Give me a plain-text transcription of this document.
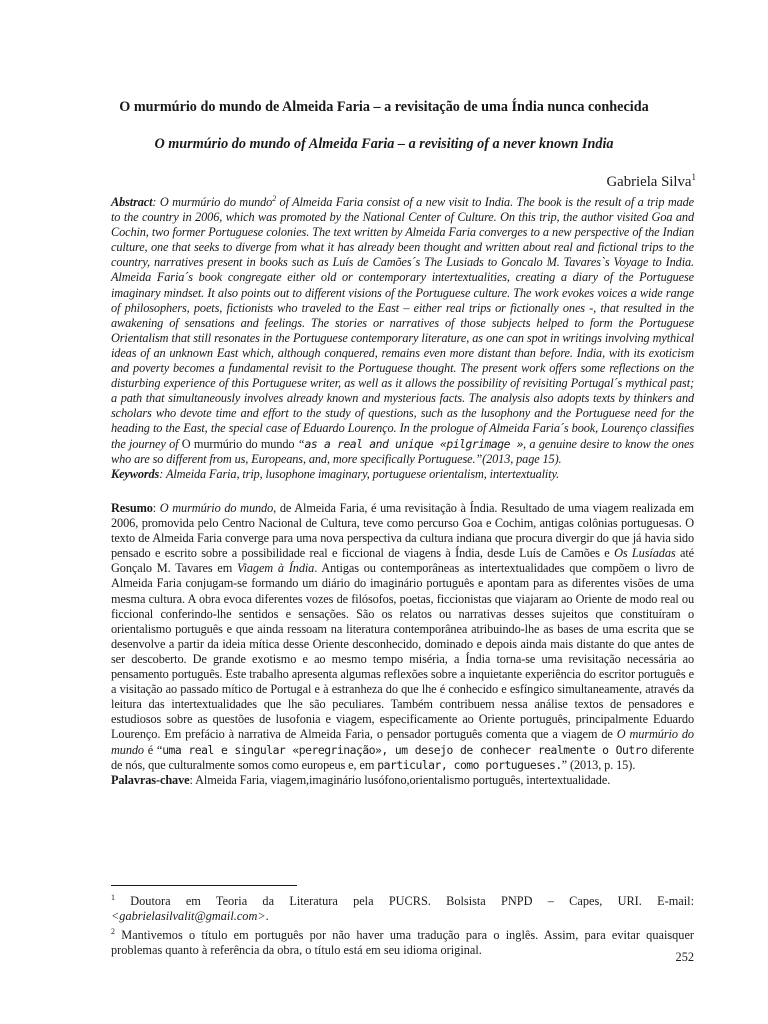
O murmúrio do mundo de Almeida Faria – a revisitação de uma Índia nunca conhecida
O murmúrio do mundo of Almeida Faria – a revisiting of a never known India
Gabriela Silva$^1$
Abstract: O murmúrio do mundo$^2$ of Almeida Faria consist of a new visit to India. The book is the result of a trip made to the country in 2006, which was promoted by the National Center of Culture. On this trip, the author visited Goa and Cochin, two former Portuguese colonies. The text written by Almeida Faria converges to a new perspective of the Indian culture, one that seeks to diverge from what it has already been thought and written about real and fictional trips to the country, narratives present in books such as Luís de Camões´s The Lusiads to Goncalo M. Tavares`s Voyage to India. Almeida Faria´s book congregate either old or contemporary intertextualities, creating a diary of the Portuguese imaginary mindset. It also points out to different visions of the Portuguese culture. The work evokes voices a wide range of philosophers, poets, fictionists who traveled to the East – either real trips or fictionally ones -, that resulted in the awakening of sensations and feelings. The stories or narratives of those subjects helped to form the Portuguese Orientalism that still resonates in the Portuguese contemporary literature, as one can spot in writings involving mythical ideas of an unknown East which, although conquered, remains even more distant than before. India, with its exoticism and poverty becomes a fundamental revisit to the Portuguese thought. The present work offers some reflections on the disturbing experience of this Portuguese writer, as well as it allows the possibility of revisiting Portugal´s mythical past; a path that simultaneously involves already known and mysterious facts. The analysis also adopts texts by thinkers and scholars who devote time and effort to the study of questions, such as the lusophony and the Portuguese need for the heading to the East, the special case of Eduardo Lourenço. In the prologue of Almeida Faria´s book, Lourenço classifies the journey of O murmúrio do mundo “as a real and unique «pilgrimage », a genuine desire to know the ones who are so different from us, Europeans, and, more specifically Portuguese.”(2013, page 15).
Keywords: Almeida Faria, trip, lusophone imaginary, portuguese orientalism, intertextuality.
Resumo: O murmúrio do mundo, de Almeida Faria, é uma revisitação à Índia. Resultado de uma viagem realizada em 2006, promovida pelo Centro Nacional de Cultura, teve como percurso Goa e Cochim, antigas colônias portuguesas. O texto de Almeida Faria converge para uma nova perspectiva da cultura indiana que procura divergir do que já havia sido pensado e escrito sobre a possibilidade real e ficcional de viagens à Índia, desde Luís de Camões e Os Lusíadas até Gonçalo M. Tavares em Viagem à Índia. Antigas ou contemporâneas as intertextualidades que compõem o livro de Almeida Faria conjugam-se formando um diário do imaginário português e apontam para as diferentes visões de uma mesma cultura. A obra evoca diferentes vozes de filósofos, poetas, ficcionistas que viajaram ao Oriente de modo real ou ficcional conferindo-lhe sentidos e sensações. São os relatos ou narrativas desses sujeitos que constituíram o orientalismo português e que ainda ressoam na literatura contemporânea atribuindo-lhe as bases de uma escrita que se desenvolve a partir da ideia mítica desse Oriente desconhecido, dominado e depois ainda mais distante do que antes de ser descoberto. De grande exotismo e ao mesmo tempo miséria, a Índia torna-se uma revisitação necessária ao pensamento português. Este trabalho apresenta algumas reflexões sobre a inquietante experiência do escritor português e a visitação ao passado mítico de Portugal e à estranheza do que lhe é conhecido e esfíngico simultaneamente, através da leitura das intertextualidades que lhe são peculiares. Também contribuem nessa análise textos de pensadores e estudiosos sobre as questões de lusofonia e viagem, especificamente ao Oriente português, principalmente Eduardo Lourenço. Em prefácio à narrativa de Almeida Faria, o pensador português comenta que a viagem de O murmúrio do mundo é “uma real e singular «peregrinação», um desejo de conhecer realmente o Outro diferente de nós, que culturalmente somos como europeus e, em particular, como portugueses.” (2013, p. 15).
Palavras-chave: Almeida Faria, viagem,imaginário lusófono,orientalismo português, intertextualidade.
$^1$ Doutora em Teoria da Literatura pela PUCRS. Bolsista PNPD – Capes, URI. E-mail: <gabrielasilvalit@gmail.com>.
$^2$ Mantivemos o título em português por não haver uma tradução para o inglês. Assim, para evitar quaisquer problemas quanto à referência da obra, o título está em seu idioma original.	252
